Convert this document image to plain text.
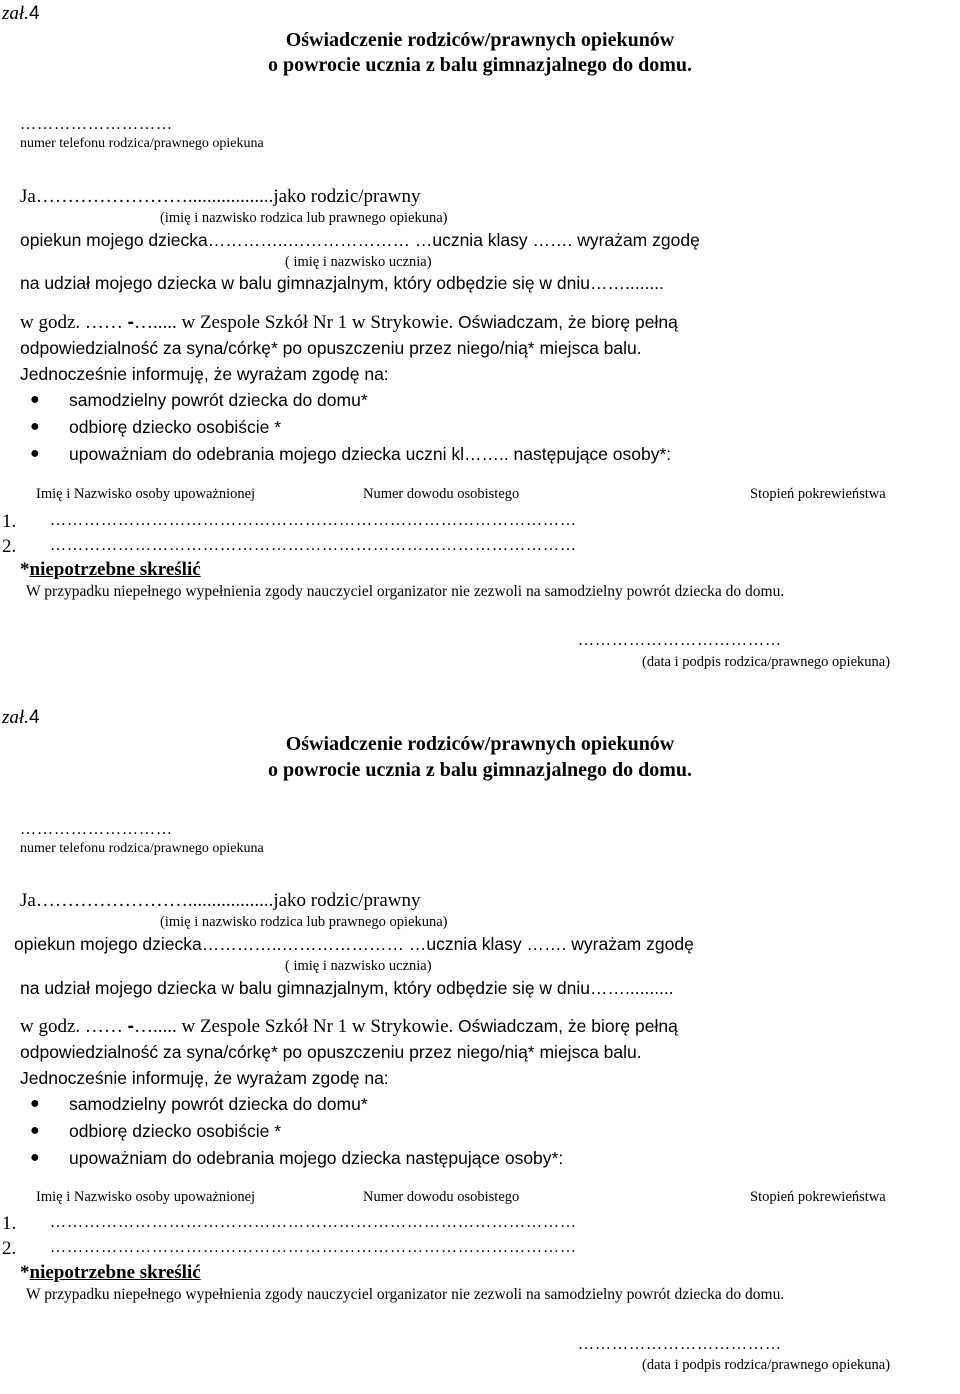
zał.4
Oświadczenie rodziców/prawnych opiekunów
o powrocie ucznia z balu gimnazjalnego do domu.
………………………
numer telefonu rodzica/prawnego opiekuna
Ja……………………..................jako rodzic/prawny
(imię i nazwisko rodzica lub prawnego opiekuna)
opiekun mojego dziecka…………..………………… …uczniа klasy ……. wyrażam zgodę
( imię i nazwisko ucznia)
na udział mojego dziecka w balu gimnazjalnym, który odbędzie się w dniu……........
w godz. …… -…..... w Zespole Szkół Nr 1 w Strykowie. Oświadczam, że biorę pełną
odpowiedzialność za syna/córkę* po opuszczeniu przez niego/nią* miejsca balu.
Jednocześnie informuję, że wyrażam zgodę na:
● samodzielny powrót dziecka do domu*
● odbiorę dziecko osobiście *
● upoważniam do odebrania mojego dziecka uczni kl…….. następujące osoby*:
Imię i Nazwisko osoby upoważnionej	Numer dowodu osobistego	Stopień pokrewieństwa
1. …………………………………………………………………………………
2. …………………………………………………………………………………
*niepotrzebne skreślić
W przypadku niepełnego wypełnienia zgody nauczyciel organizator nie zezwoli na samodzielny powrót dziecka do domu.
………………………………
(data i podpis rodzica/prawnego opiekuna)
zał.4
Oświadczenie rodziców/prawnych opiekunów
o powrocie ucznia z balu gimnazjalnego do domu.
………………………
numer telefonu rodzica/prawnego opiekuna
Ja……………………..................jako rodzic/prawny
(imię i nazwisko rodzica lub prawnego opiekuna)
opiekun mojego dziecka…………..………………… …uczniа klasy ……. wyrażam zgodę
( imię i nazwisko ucznia)
na udział mojego dziecka w balu gimnazjalnym, który odbędzie się w dniu……..........
w godz. …… -…..... w Zespole Szkół Nr 1 w Strykowie. Oświadczam, że biorę pełną
odpowiedzialność za syna/córkę* po opuszczeniu przez niego/nią* miejsca balu.
Jednocześnie informuję, że wyrażam zgodę na:
● samodzielny powrót dziecka do domu*
● odbiorę dziecko osobiście *
● upoważniam do odebrania mojego dziecka następujące osoby*:
Imię i Nazwisko osoby upoważnionej	Numer dowodu osobistego	Stopień pokrewieństwa
1. …………………………………………………………………………………
2. …………………………………………………………………………………
*niepotrzebne skreślić
W przypadku niepełnego wypełnienia zgody nauczyciel organizator nie zezwoli na samodzielny powrót dziecka do domu.
………………………………
(data i podpis rodzica/prawnego opiekuna)
